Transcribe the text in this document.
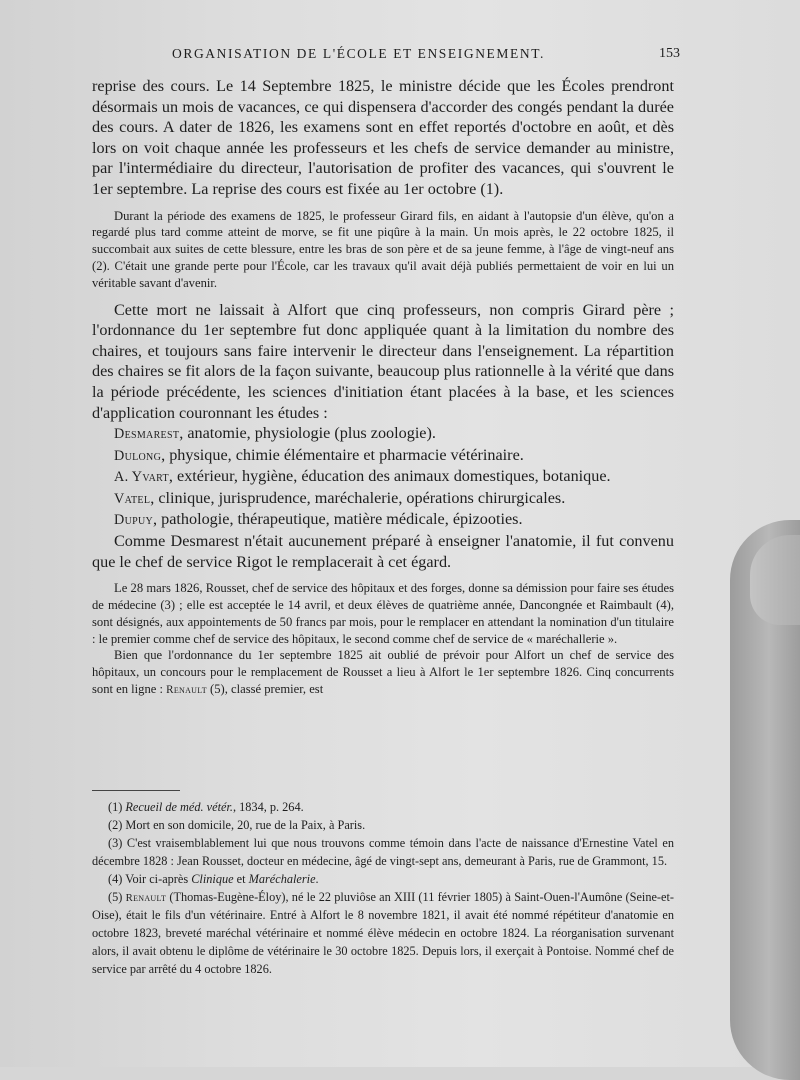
ORGANISATION DE L'ÉCOLE ET ENSEIGNEMENT.	153

reprise des cours. Le 14 Septembre 1825, le ministre décide que les Écoles prendront désormais un mois de vacances, ce qui dispensera d'accorder des congés pendant la durée des cours. A dater de 1826, les examens sont en effet reportés d'octobre en août, et dès lors on voit chaque année les professeurs et les chefs de service demander au ministre, par l'intermédiaire du directeur, l'autorisation de profiter des vacances, qui s'ouvrent le 1er septembre. La reprise des cours est fixée au 1er octobre (1).

Durant la période des examens de 1825, le professeur Girard fils, en aidant à l'autopsie d'un élève, qu'on a regardé plus tard comme atteint de morve, se fit une piqûre à la main. Un mois après, le 22 octobre 1825, il succombait aux suites de cette blessure, entre les bras de son père et de sa jeune femme, à l'âge de vingt-neuf ans (2). C'était une grande perte pour l'École, car les travaux qu'il avait déjà publiés permettaient de voir en lui un véritable savant d'avenir.

Cette mort ne laissait à Alfort que cinq professeurs, non compris Girard père ; l'ordonnance du 1er septembre fut donc appliquée quant à la limitation du nombre des chaires, et toujours sans faire intervenir le directeur dans l'enseignement. La répartition des chaires se fit alors de la façon suivante, beaucoup plus rationnelle à la vérité que dans la période précédente, les sciences d'initiation étant placées à la base, et les sciences d'application couronnant les études :

Desmarest, anatomie, physiologie (plus zoologie).
Dulong, physique, chimie élémentaire et pharmacie vétérinaire.
A. Yvart, extérieur, hygiène, éducation des animaux domestiques, botanique.
Vatel, clinique, jurisprudence, maréchalerie, opérations chirurgicales.
Dupuy, pathologie, thérapeutique, matière médicale, épizooties.

Comme Desmarest n'était aucunement préparé à enseigner l'anatomie, il fut convenu que le chef de service Rigot le remplacerait à cet égard.

Le 28 mars 1826, Rousset, chef de service des hôpitaux et des forges, donne sa démission pour faire ses études de médecine (3) ; elle est acceptée le 14 avril, et deux élèves de quatrième année, Dancongnée et Raimbault (4), sont désignés, aux appointements de 50 francs par mois, pour le remplacer en attendant la nomination d'un titulaire : le premier comme chef de service des hôpitaux, le second comme chef de service de « maréchallerie ».

Bien que l'ordonnance du 1er septembre 1825 ait oublié de prévoir pour Alfort un chef de service des hôpitaux, un concours pour le remplacement de Rousset a lieu à Alfort le 1er septembre 1826. Cinq concurrents sont en ligne : Renault (5), classé premier, est

(1) Recueil de méd. vétér., 1834, p. 264.

(2) Mort en son domicile, 20, rue de la Paix, à Paris.

(3) C'est vraisemblablement lui que nous trouvons comme témoin dans l'acte de naissance d'Ernestine Vatel en décembre 1828 : Jean Rousset, docteur en médecine, âgé de vingt-sept ans, demeurant à Paris, rue de Grammont, 15.

(4) Voir ci-après Clinique et Maréchalerie.

(5) Renault (Thomas-Eugène-Éloy), né le 22 pluviôse an XIII (11 février 1805) à Saint-Ouen-l'Aumône (Seine-et-Oise), était le fils d'un vétérinaire. Entré à Alfort le 8 novembre 1821, il avait été nommé répétiteur d'anatomie en octobre 1823, breveté maréchal vétérinaire et nommé élève médecin en octobre 1824. La réorganisation survenant alors, il avait obtenu le diplôme de vétérinaire le 30 octobre 1825. Depuis lors, il exerçait à Pontoise. Nommé chef de service par arrêté du 4 octobre 1826.
